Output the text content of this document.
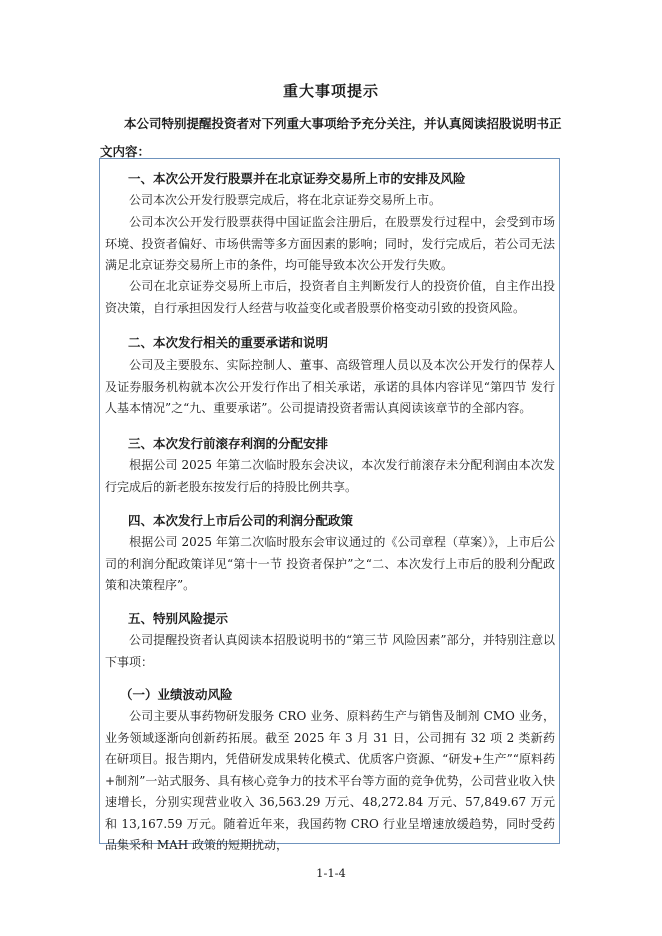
重大事项提示
本公司特别提醒投资者对下列重大事项给予充分关注，并认真阅读招股说明书正文内容：
一、本次公开发行股票并在北京证券交易所上市的安排及风险
公司本次公开发行股票完成后，将在北京证券交易所上市。
公司本次公开发行股票获得中国证监会注册后，在股票发行过程中，会受到市场环境、投资者偏好、市场供需等多方面因素的影响；同时，发行完成后，若公司无法满足北京证券交易所上市的条件，均可能导致本次公开发行失败。
公司在北京证券交易所上市后，投资者自主判断发行人的投资价值，自主作出投资决策，自行承担因发行人经营与收益变化或者股票价格变动引致的投资风险。
二、本次发行相关的重要承诺和说明
公司及主要股东、实际控制人、董事、高级管理人员以及本次公开发行的保荐人及证券服务机构就本次公开发行作出了相关承诺，承诺的具体内容详见“第四节 发行人基本情况”之“九、重要承诺”。公司提请投资者需认真阅读该章节的全部内容。
三、本次发行前滚存利润的分配安排
根据公司 2025 年第二次临时股东会决议，本次发行前滚存未分配利润由本次发行完成后的新老股东按发行后的持股比例共享。
四、本次发行上市后公司的利润分配政策
根据公司 2025 年第二次临时股东会审议通过的《公司章程（草案）》，上市后公司的利润分配政策详见“第十一节 投资者保护”之“二、本次发行上市后的股利分配政策和决策程序”。
五、特别风险提示
公司提醒投资者认真阅读本招股说明书的“第三节 风险因素”部分，并特别注意以下事项：
（一）业绩波动风险
公司主要从事药物研发服务 CRO 业务、原料药生产与销售及制剂 CMO 业务，业务领域逐渐向创新药拓展。截至 2025 年 3 月 31 日，公司拥有 32 项 2 类新药在研项目。报告期内，凭借研发成果转化模式、优质客户资源、“研发+生产”“原料药+制剂”一站式服务、具有核心竞争力的技术平台等方面的竞争优势，公司营业收入快速增长，分别实现营业收入 36,563.29 万元、48,272.84 万元、57,849.67 万元和 13,167.59 万元。随着近年来，我国药物 CRO 行业呈增速放缓趋势，同时受药品集采和 MAH 政策的短期扰动，
1-1-4
